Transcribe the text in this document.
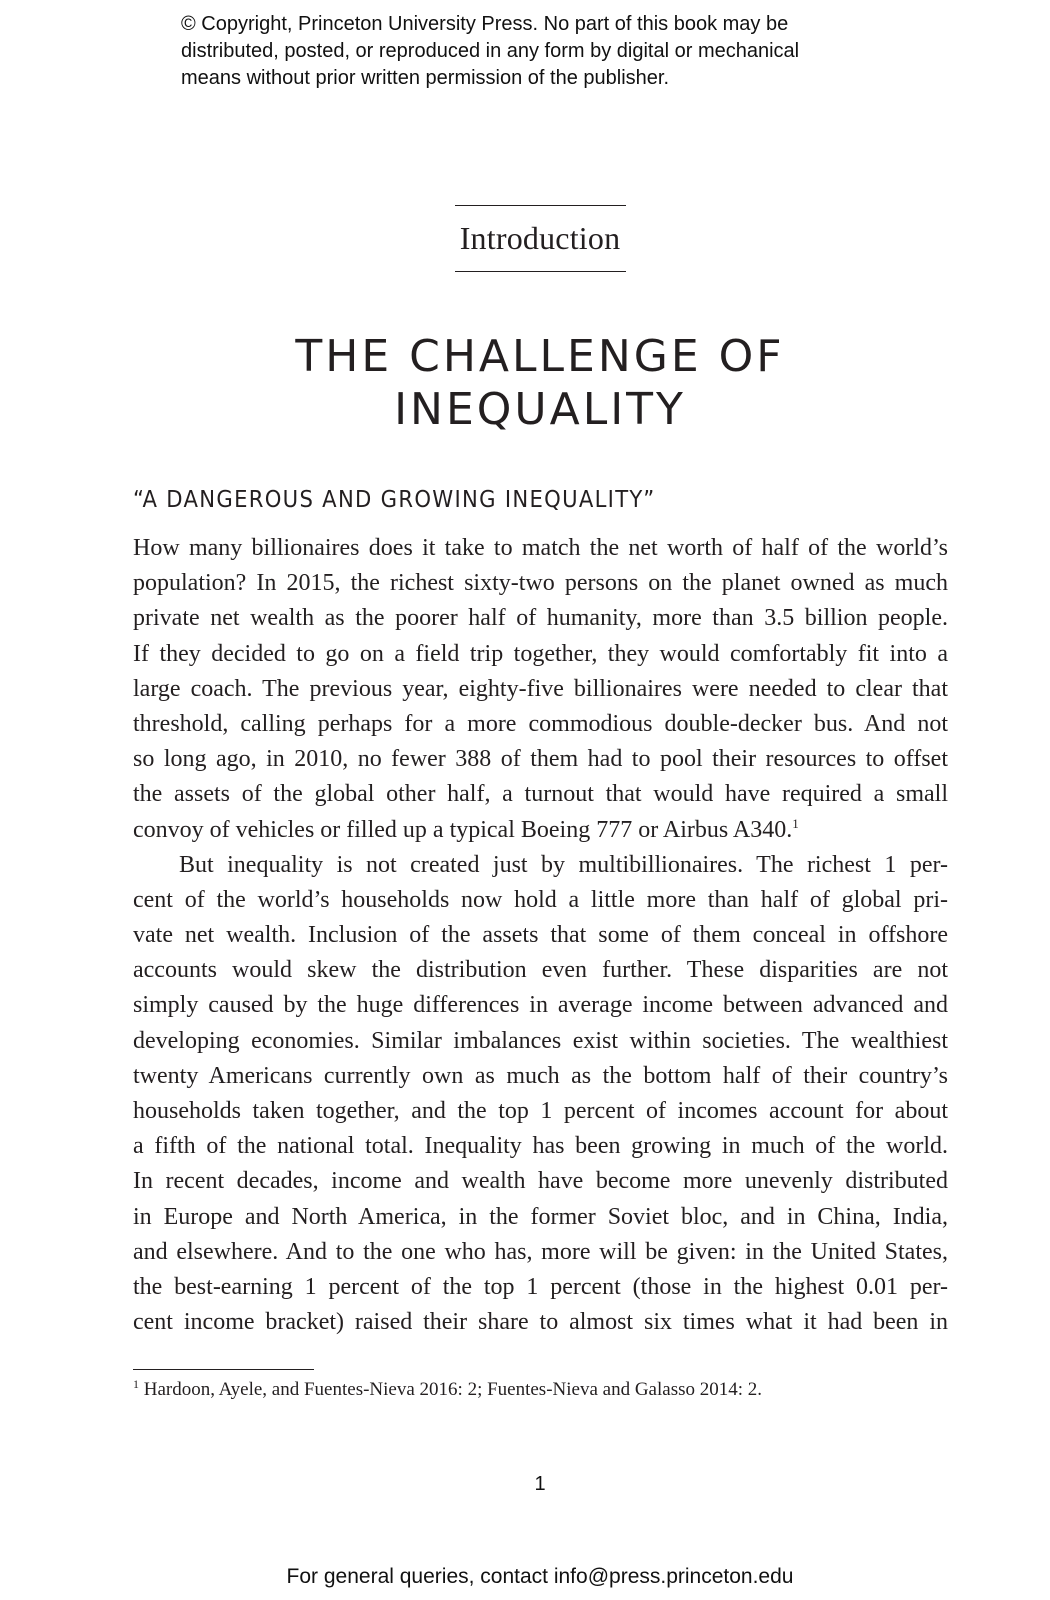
© Copyright, Princeton University Press. No part of this book may be
distributed, posted, or reproduced in any form by digital or mechanical
means without prior written permission of the publisher.
Introduction
THE CHALLENGE OF
INEQUALITY
“A DANGEROUS AND GROWING INEQUALITY”
How many billionaires does it take to match the net worth of half of the world’s
population? In 2015, the richest sixty-two persons on the planet owned as much
private net wealth as the poorer half of humanity, more than 3.5 billion people.
If they decided to go on a field trip together, they would comfortably fit into a
large coach. The previous year, eighty-five billionaires were needed to clear that
threshold, calling perhaps for a more commodious double-decker bus. And not
so long ago, in 2010, no fewer 388 of them had to pool their resources to offset
the assets of the global other half, a turnout that would have required a small
convoy of vehicles or filled up a typical Boeing 777 or Airbus A340.$^1$
But inequality is not created just by multibillionaires. The richest 1 per-
cent of the world’s households now hold a little more than half of global pri-
vate net wealth. Inclusion of the assets that some of them conceal in offshore
accounts would skew the distribution even further. These disparities are not
simply caused by the huge differences in average income between advanced and
developing economies. Similar imbalances exist within societies. The wealthiest
twenty Americans currently own as much as the bottom half of their country’s
households taken together, and the top 1 percent of incomes account for about
a fifth of the national total. Inequality has been growing in much of the world.
In recent decades, income and wealth have become more unevenly distributed
in Europe and North America, in the former Soviet bloc, and in China, India,
and elsewhere. And to the one who has, more will be given: in the United States,
the best-earning 1 percent of the top 1 percent (those in the highest 0.01 per-
cent income bracket) raised their share to almost six times what it had been in
$^1$ Hardoon, Ayele, and Fuentes-Nieva 2016: 2; Fuentes-Nieva and Galasso 2014: 2.
1
For general queries, contact info@press.princeton.edu
